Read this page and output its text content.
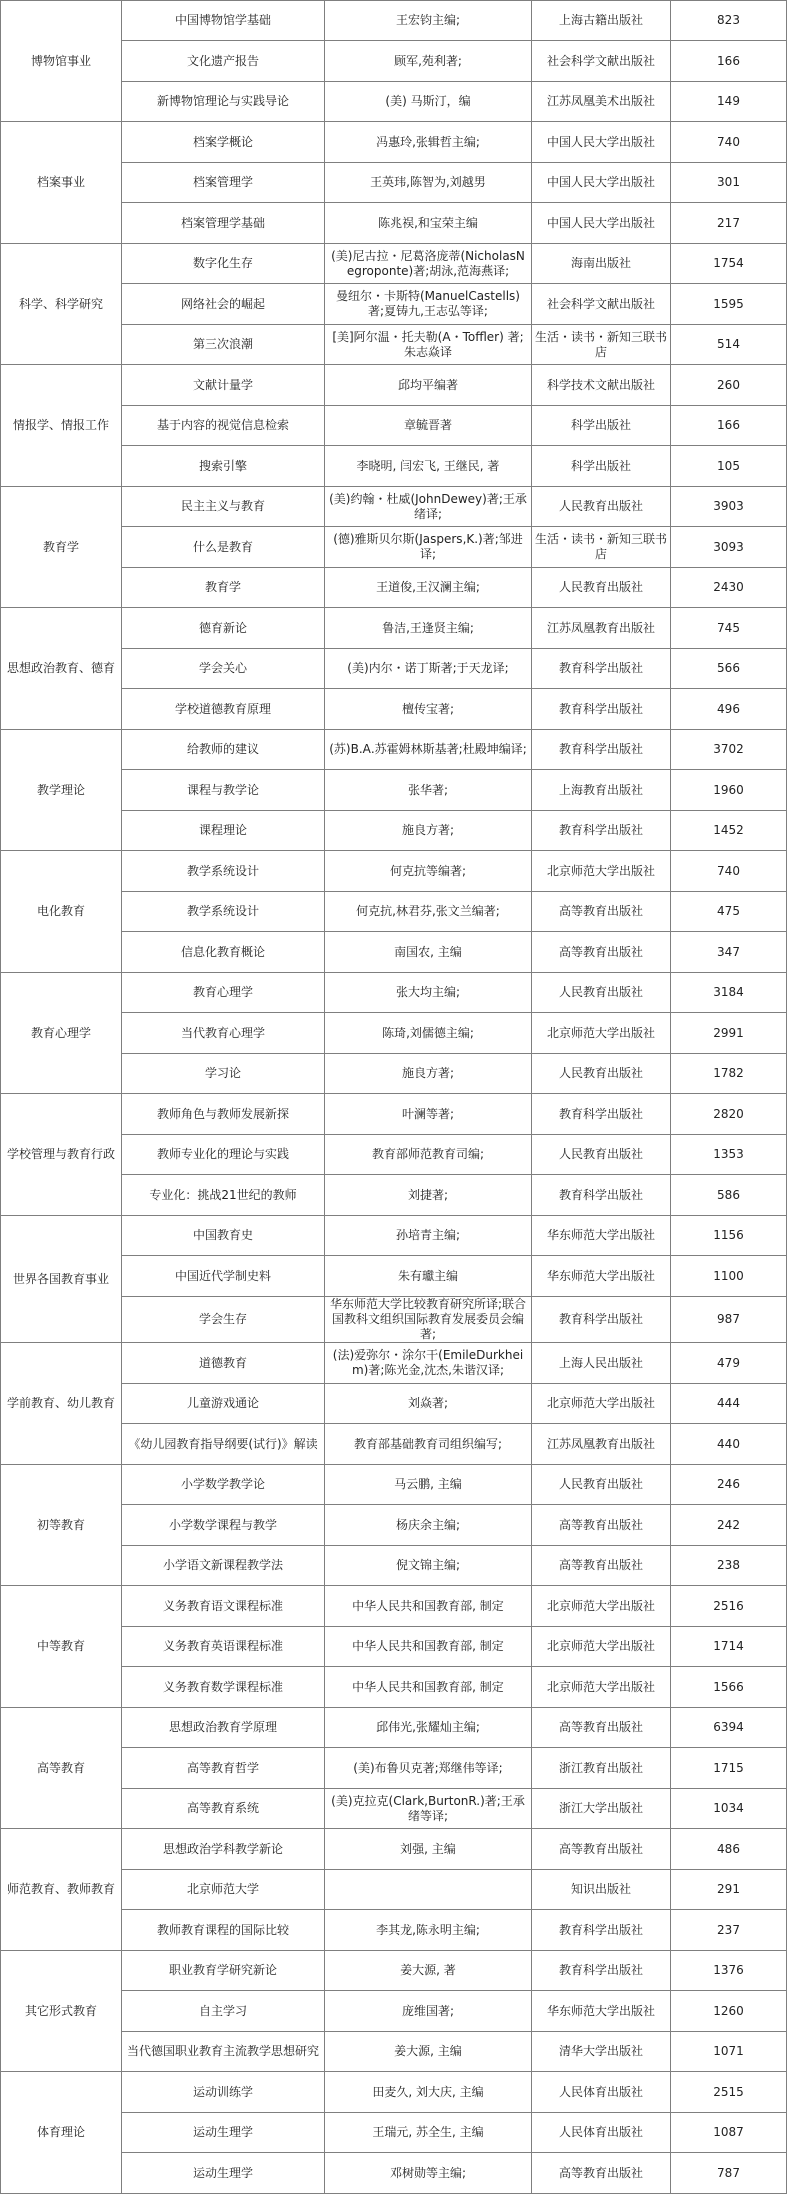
博物馆事业	中国博物馆学基础	王宏钧主编;	上海古籍出版社	823
	文化遗产报告	顾军,苑利著;	社会科学文献出版社	166
	新博物馆理论与实践导论	(美) 马斯汀，编	江苏凤凰美术出版社	149
档案事业	档案学概论	冯惠玲,张辑哲主编;	中国人民大学出版社	740
	档案管理学	王英玮,陈智为,刘越男	中国人民大学出版社	301
	档案管理学基础	陈兆祦,和宝荣主编	中国人民大学出版社	217
科学、科学研究	数字化生存	(美)尼古拉・尼葛洛庞蒂(NicholasNegroponte)著;胡泳,范海燕译;	海南出版社	1754
	网络社会的崛起	曼纽尔・卡斯特(ManuelCastells)著;夏铸九,王志弘等译;	社会科学文献出版社	1595
	第三次浪潮	[美]阿尔温・托夫勒(A・Toffler) 著;朱志焱译	生活・读书・新知三联书店	514
情报学、情报工作	文献计量学	邱均平编著	科学技术文献出版社	260
	基于内容的视觉信息检索	章毓晋著	科学出版社	166
	搜索引擎	李晓明, 闫宏飞, 王继民, 著	科学出版社	105
教育学	民主主义与教育	(美)约翰・杜威(JohnDewey)著;王承绪译;	人民教育出版社	3903
	什么是教育	(德)雅斯贝尔斯(Jaspers,K.)著;邹进译;	生活・读书・新知三联书店	3093
	教育学	王道俊,王汉澜主编;	人民教育出版社	2430
思想政治教育、德育	德育新论	鲁洁,王逢贤主编;	江苏凤凰教育出版社	745
	学会关心	(美)内尔・诺丁斯著;于天龙译;	教育科学出版社	566
	学校道德教育原理	檀传宝著;	教育科学出版社	496
教学理论	给教师的建议	(苏)Β.Α.苏霍姆林斯基著;杜殿坤编译;	教育科学出版社	3702
	课程与教学论	张华著;	上海教育出版社	1960
	课程理论	施良方著;	教育科学出版社	1452
电化教育	教学系统设计	何克抗等编著;	北京师范大学出版社	740
	教学系统设计	何克抗,林君芬,张文兰编著;	高等教育出版社	475
	信息化教育概论	南国农, 主编	高等教育出版社	347
教育心理学	教育心理学	张大均主编;	人民教育出版社	3184
	当代教育心理学	陈琦,刘儒德主编;	北京师范大学出版社	2991
	学习论	施良方著;	人民教育出版社	1782
学校管理与教育行政	教师角色与教师发展新探	叶澜等著;	教育科学出版社	2820
	教师专业化的理论与实践	教育部师范教育司编;	人民教育出版社	1353
	专业化：挑战21世纪的教师	刘捷著;	教育科学出版社	586
世界各国教育事业	中国教育史	孙培青主编;	华东师范大学出版社	1156
	中国近代学制史料	朱有瓛主编	华东师范大学出版社	1100
	学会生存	华东师范大学比较教育研究所译;联合国教科文组织国际教育发展委员会编著;	教育科学出版社	987
学前教育、幼儿教育	道德教育	(法)爱弥尔・涂尔干(EmileDurkheim)著;陈光金,沈杰,朱谐汉译;	上海人民出版社	479
	儿童游戏通论	刘焱著;	北京师范大学出版社	444
	《幼儿园教育指导纲要(试行)》解读	教育部基础教育司组织编写;	江苏凤凰教育出版社	440
初等教育	小学数学教学论	马云鹏, 主编	人民教育出版社	246
	小学数学课程与教学	杨庆余主编;	高等教育出版社	242
	小学语文新课程教学法	倪文锦主编;	高等教育出版社	238
中等教育	义务教育语文课程标准	中华人民共和国教育部, 制定	北京师范大学出版社	2516
	义务教育英语课程标准	中华人民共和国教育部, 制定	北京师范大学出版社	1714
	义务教育数学课程标准	中华人民共和国教育部, 制定	北京师范大学出版社	1566
高等教育	思想政治教育学原理	邱伟光,张耀灿主编;	高等教育出版社	6394
	高等教育哲学	(美)布鲁贝克著;郑继伟等译;	浙江教育出版社	1715
	高等教育系统	(美)克拉克(Clark,BurtonR.)著;王承绪等译;	浙江大学出版社	1034
师范教育、教师教育	思想政治学科教学新论	刘强, 主编	高等教育出版社	486
	北京师范大学		知识出版社	291
	教师教育课程的国际比较	李其龙,陈永明主编;	教育科学出版社	237
其它形式教育	职业教育学研究新论	姜大源, 著	教育科学出版社	1376
	自主学习	庞维国著;	华东师范大学出版社	1260
	当代德国职业教育主流教学思想研究	姜大源, 主编	清华大学出版社	1071
体育理论	运动训练学	田麦久, 刘大庆, 主编	人民体育出版社	2515
	运动生理学	王瑞元, 苏全生, 主编	人民体育出版社	1087
	运动生理学	邓树勋等主编;	高等教育出版社	787
